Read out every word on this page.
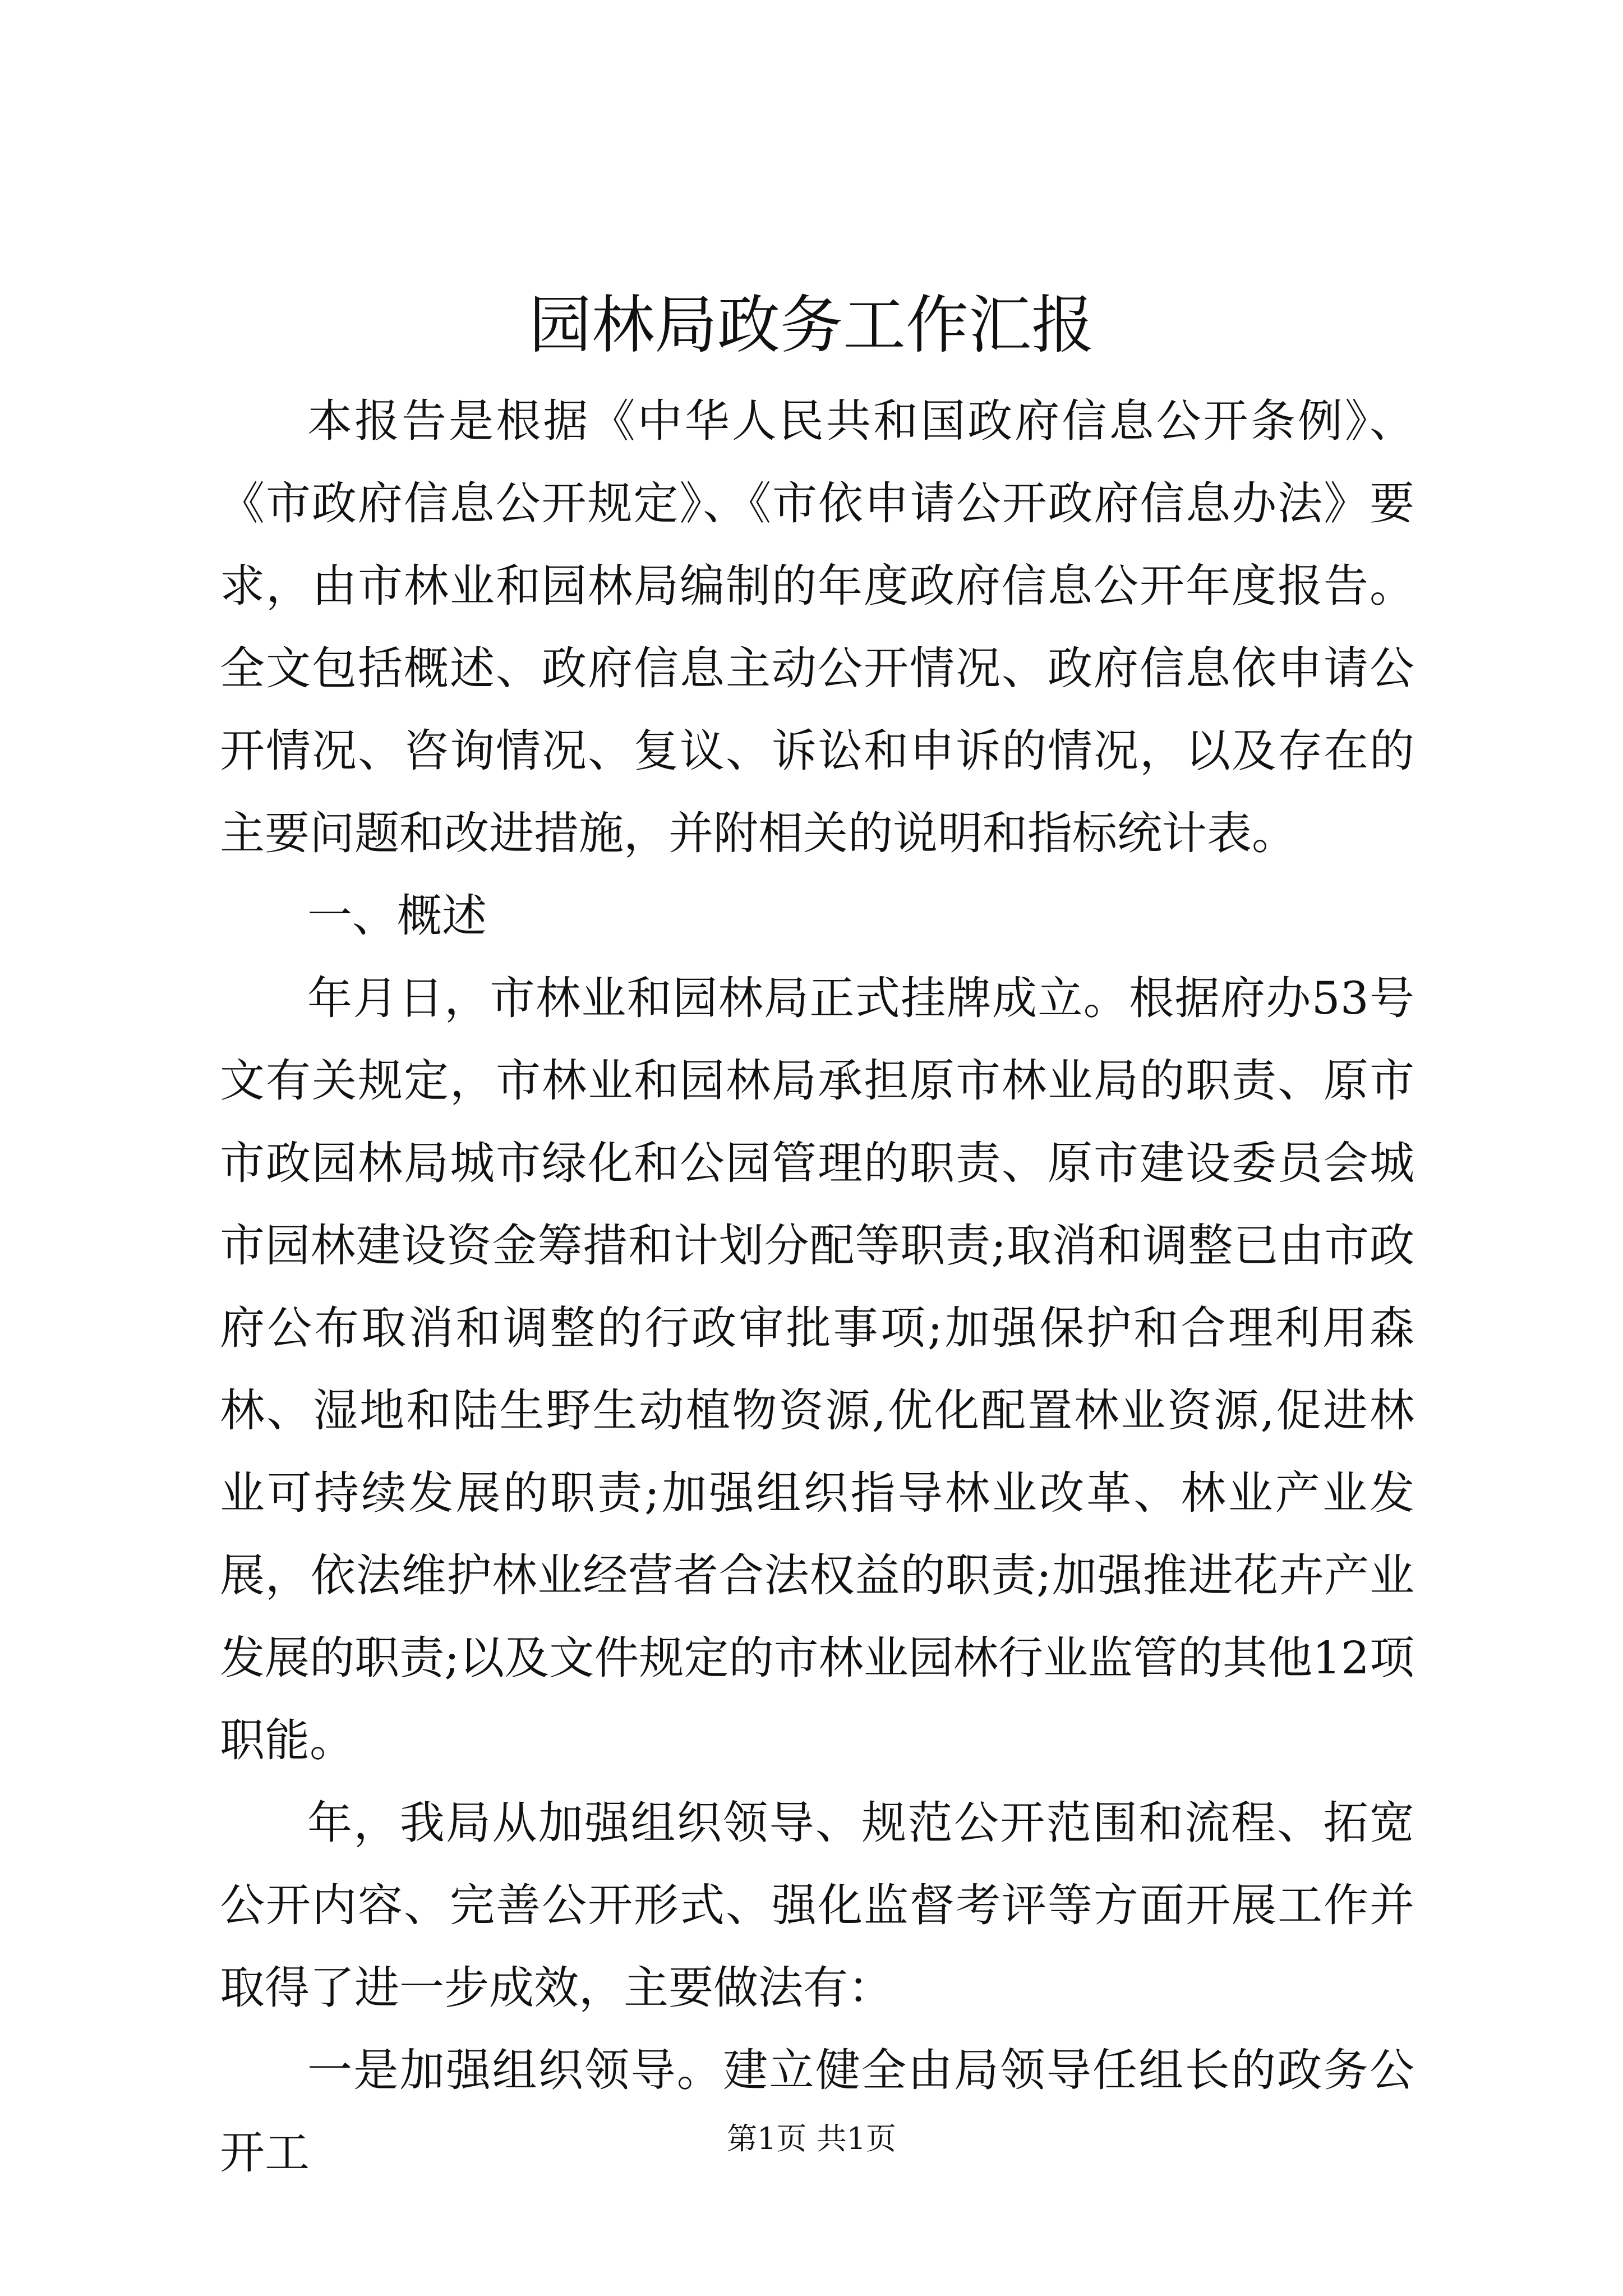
园林局政务工作汇报

本报告是根据《中华人民共和国政府信息公开条例》、《市政府信息公开规定》、《市依申请公开政府信息办法》要求，由市林业和园林局编制的年度政府信息公开年度报告。全文包括概述、政府信息主动公开情况、政府信息依申请公开情况、咨询情况、复议、诉讼和申诉的情况，以及存在的主要问题和改进措施，并附相关的说明和指标统计表。

一、概述

年月日，市林业和园林局正式挂牌成立。根据府办53号文有关规定，市林业和园林局承担原市林业局的职责、原市市政园林局城市绿化和公园管理的职责、原市建设委员会城市园林建设资金筹措和计划分配等职责;取消和调整已由市政府公布取消和调整的行政审批事项;加强保护和合理利用森林、湿地和陆生野生动植物资源,优化配置林业资源,促进林业可持续发展的职责;加强组织指导林业改革、林业产业发展，依法维护林业经营者合法权益的职责;加强推进花卉产业发展的职责;以及文件规定的市林业园林行业监管的其他12项职能。

年，我局从加强组织领导、规范公开范围和流程、拓宽公开内容、完善公开形式、强化监督考评等方面开展工作并取得了进一步成效，主要做法有：

一是加强组织领导。建立健全由局领导任组长的政务公开工	第1页 共1页
